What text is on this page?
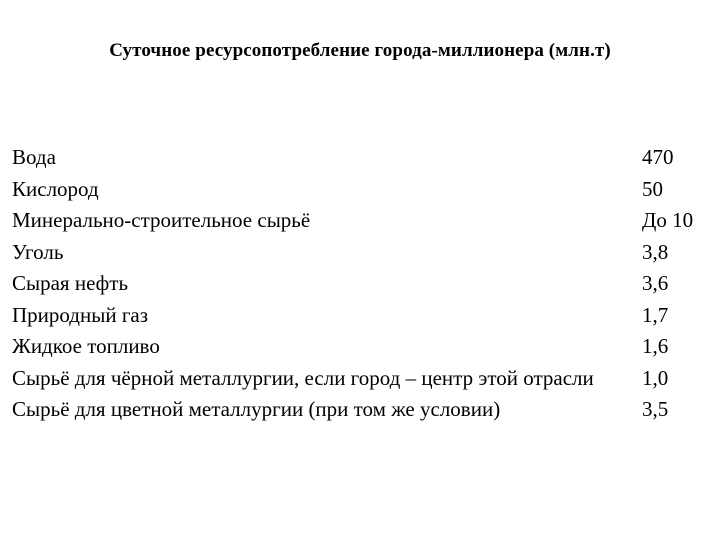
Суточное ресурсопотребление города-миллионера (млн.т)
Вода	470
Кислород	50
Минерально-строительное сырьё	До 10
Уголь	3,8
Сырая нефть	3,6
Природный газ	1,7
Жидкое топливо	1,6
Сырьё для чёрной металлургии, если город – центр этой отрасли 1,0
Сырьё для цветной металлургии (при том же условии)	3,5
